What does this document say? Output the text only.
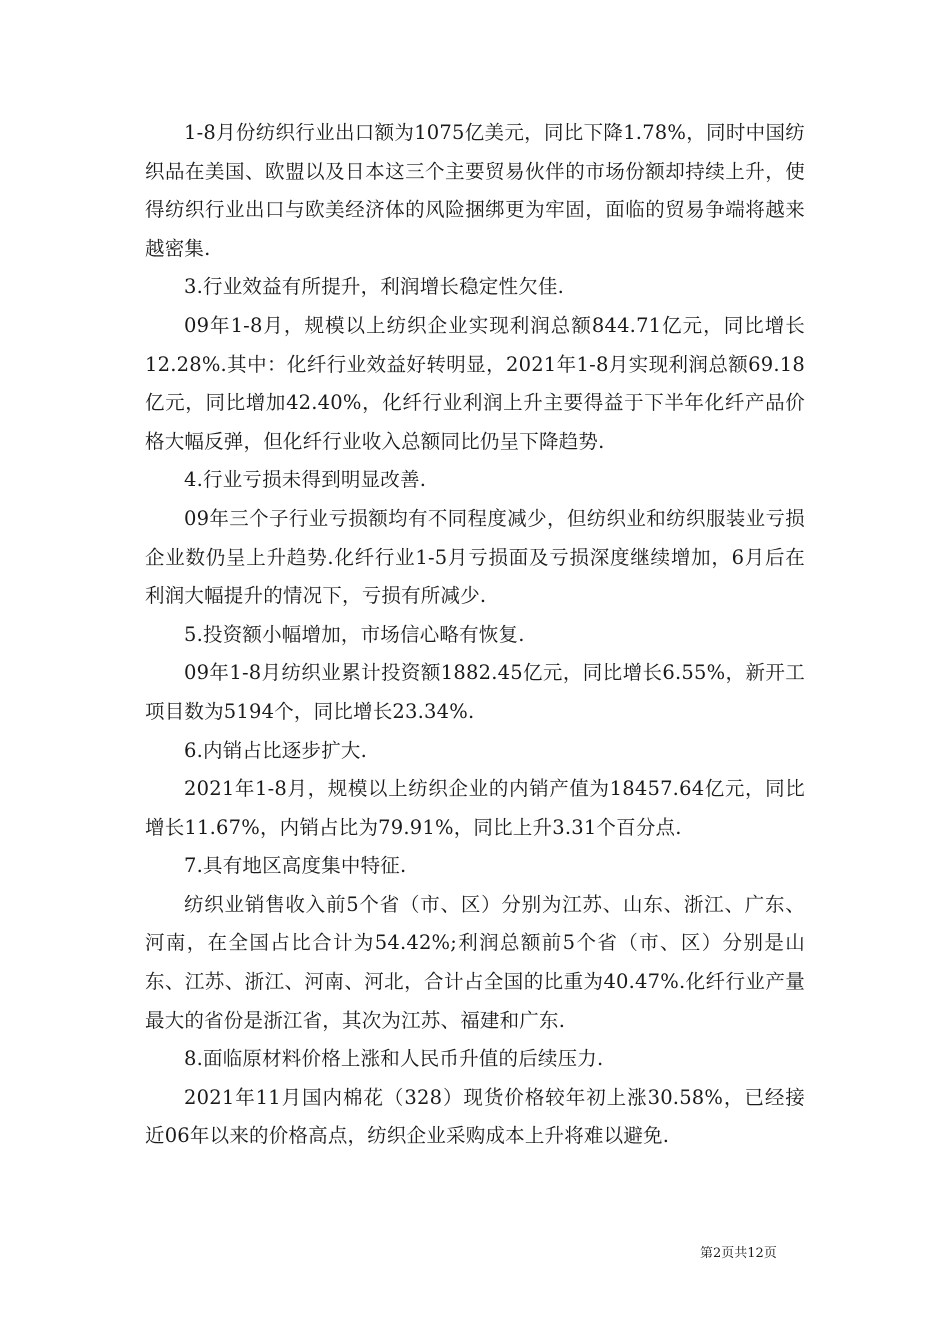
1-8月份纺织行业出口额为1075亿美元，同比下降1.78%，同时中国纺织品在美国、欧盟以及日本这三个主要贸易伙伴的市场份额却持续上升，使得纺织行业出口与欧美经济体的风险捆绑更为牢固，面临的贸易争端将越来越密集.

3.行业效益有所提升，利润增长稳定性欠佳.

09年1-8月，规模以上纺织企业实现利润总额844.71亿元，同比增长12.28%.其中：化纤行业效益好转明显，2021年1-8月实现利润总额69.18亿元，同比增加42.40%，化纤行业利润上升主要得益于下半年化纤产品价格大幅反弹，但化纤行业收入总额同比仍呈下降趋势.

4.行业亏损未得到明显改善.

09年三个子行业亏损额均有不同程度减少，但纺织业和纺织服装业亏损企业数仍呈上升趋势.化纤行业1-5月亏损面及亏损深度继续增加，6月后在利润大幅提升的情况下，亏损有所减少.

5.投资额小幅增加，市场信心略有恢复.

09年1-8月纺织业累计投资额1882.45亿元，同比增长6.55%，新开工项目数为5194个，同比增长23.34%.

6.内销占比逐步扩大.

2021年1-8月，规模以上纺织企业的内销产值为18457.64亿元，同比增长11.67%，内销占比为79.91%，同比上升3.31个百分点.

7.具有地区高度集中特征.

纺织业销售收入前5个省（市、区）分别为江苏、山东、浙江、广东、河南，在全国占比合计为54.42%;利润总额前5个省（市、区）分别是山东、江苏、浙江、河南、河北，合计占全国的比重为40.47%.化纤行业产量最大的省份是浙江省，其次为江苏、福建和广东.

8.面临原材料价格上涨和人民币升值的后续压力.

2021年11月国内棉花（328）现货价格较年初上涨30.58%，已经接近06年以来的价格高点，纺织企业采购成本上升将难以避免.

第2页共12页
